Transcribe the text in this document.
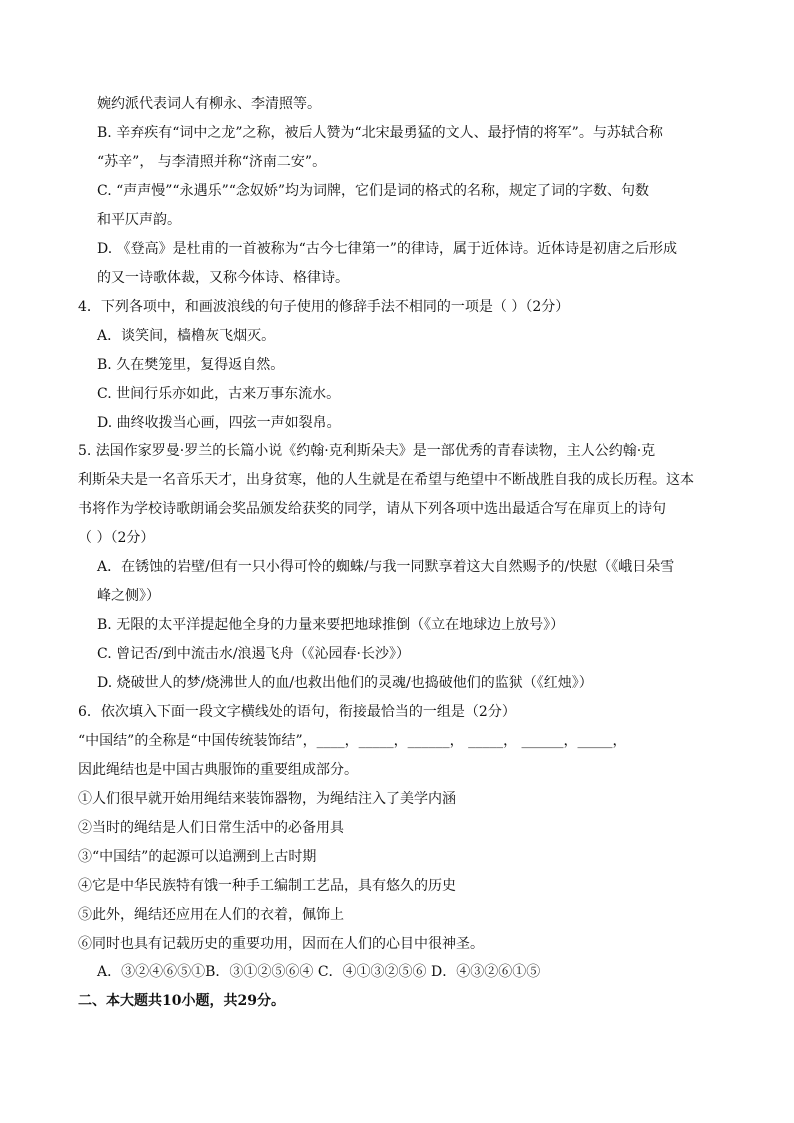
婉约派代表词人有柳永、李清照等。
B. 辛弃疾有“词中之龙”之称，被后人赞为“北宋最勇猛的文人、最抒情的将军”。与苏轼合称
“苏辛”， 与李清照并称“济南二安”。
C. “声声慢”“永遇乐”“念奴娇”均为词牌，它们是词的格式的名称，规定了词的字数、句数
和平仄声韵。
D. 《登高》是杜甫的一首被称为“古今七律第一”的律诗，属于近体诗。近体诗是初唐之后形成
的又一诗歌体裁，又称今体诗、格律诗。
4．下列各项中，和画波浪线的句子使用的修辞手法不相同的一项是（ ）（2分）
A．谈笑间，樯橹灰飞烟灭。
B. 久在樊笼里，复得返自然。
C. 世间行乐亦如此，古来万事东流水。
D. 曲终收拨当心画，四弦一声如裂帛。
5. 法国作家罗曼·罗兰的长篇小说《约翰·克利斯朵夫》是一部优秀的青春读物，主人公约翰·克
利斯朵夫是一名音乐天才，出身贫寒，他的人生就是在希望与绝望中不断战胜自我的成长历程。这本
书将作为学校诗歌朗诵会奖品颁发给获奖的同学，请从下列各项中选出最适合写在扉页上的诗句
（ ）（2分）
A．在锈蚀的岩壁/但有一只小得可怜的蜘蛛/与我一同默享着这大自然赐予的/快慰（《峨日朵雪
峰之侧》）
B. 无限的太平洋提起他全身的力量来要把地球推倒（《立在地球边上放号》）
C. 曾记否/到中流击水/浪遏飞舟（《沁园春·长沙》）
D. 烧破世人的梦/烧沸世人的血/也救出他们的灵魂/也捣破他们的监狱（《红烛》）
6．依次填入下面一段文字横线处的语句，衔接最恰当的一组是（2分）
“中国结”的全称是“中国传统装饰结”，____，_____，______， _____， ______，_____，
因此绳结也是中国古典服饰的重要组成部分。
①人们很早就开始用绳结来装饰器物，为绳结注入了美学内涵
②当时的绳结是人们日常生活中的必备用具
③“中国结”的起源可以追溯到上古时期
④它是中华民族特有饿一种手工编制工艺品，具有悠久的历史
⑤此外，绳结还应用在人们的衣着，佩饰上
⑥同时也具有记载历史的重要功用，因而在人们的心目中很神圣。
A．③②④⑥⑤①B．③①②⑤⑥④ C．④①③②⑤⑥ D．④③②⑥①⑤
二、本大题共10小题，共29分。
